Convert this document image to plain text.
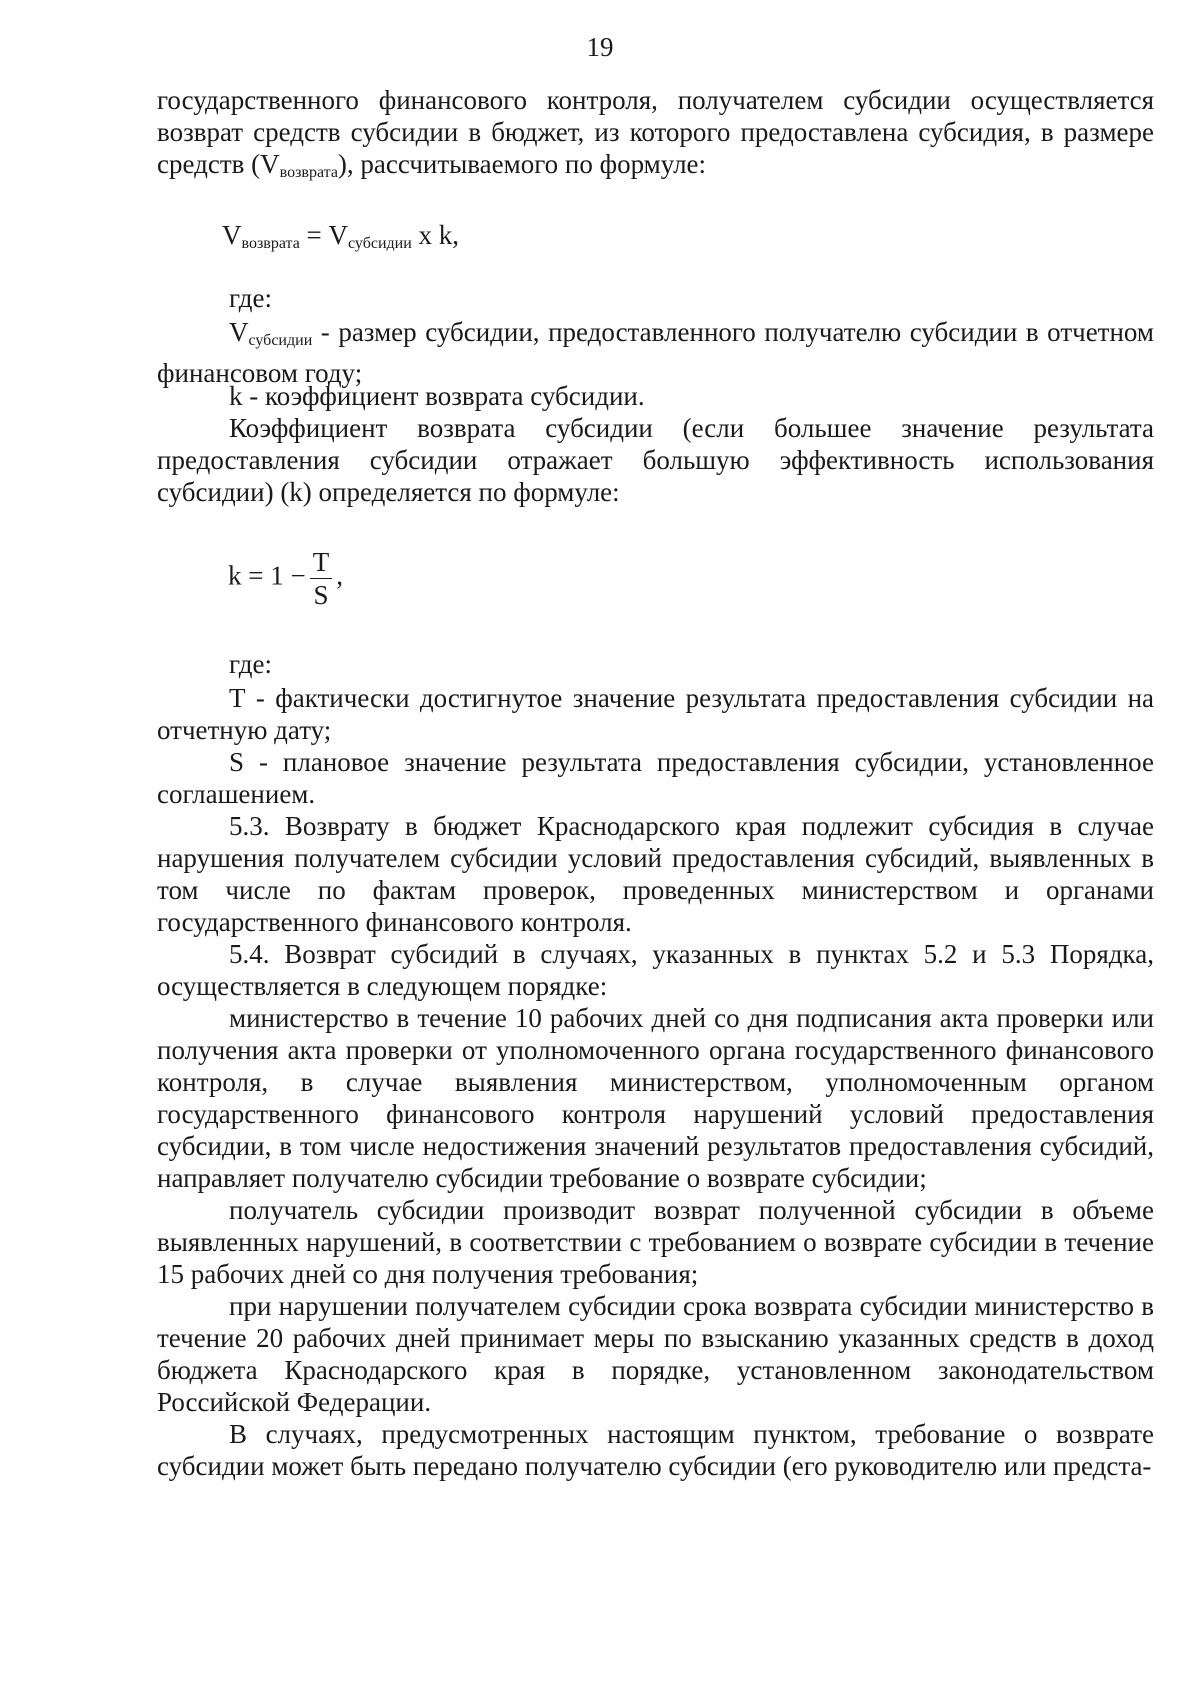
19
государственного финансового контроля, получателем субсидии осуществляется возврат средств субсидии в бюджет, из которого предоставлена субсидия, в размере средств $(V_{возврата})$, рассчитываемого по формуле:
$V_{возврата} = V_{субсидии}$ x k,
где:
$V_{субсидии}$ - размер субсидии, предоставленного получателю субсидии в отчетном финансовом году;
k - коэффициент возврата субсидии.
Коэффициент возврата субсидии (если большее значение результата предоставления субсидии отражает большую эффективность использования субсидии) (k) определяется по формуле:
$k = 1 - \frac{T}{S}$ ,
где:
Т - фактически достигнутое значение результата предоставления субсидии на отчетную дату;
S - плановое значение результата предоставления субсидии, установленное соглашением.
5.3. Возврату в бюджет Краснодарского края подлежит субсидия в случае нарушения получателем субсидии условий предоставления субсидий, выявленных в том числе по фактам проверок, проведенных министерством и органами государственного финансового контроля.
5.4. Возврат субсидий в случаях, указанных в пунктах 5.2 и 5.3 Порядка, осуществляется в следующем порядке:
министерство в течение 10 рабочих дней со дня подписания акта проверки или получения акта проверки от уполномоченного органа государственного финансового контроля, в случае выявления министерством, уполномоченным органом государственного финансового контроля нарушений условий предоставления субсидии, в том числе недостижения значений результатов предоставления субсидий, направляет получателю субсидии требование о возврате субсидии;
получатель субсидии производит возврат полученной субсидии в объеме выявленных нарушений, в соответствии с требованием о возврате субсидии в течение 15 рабочих дней со дня получения требования;
при нарушении получателем субсидии срока возврата субсидии министерство в течение 20 рабочих дней принимает меры по взысканию указанных средств в доход бюджета Краснодарского края в порядке, установленном законодательством Российской Федерации.
В случаях, предусмотренных настоящим пунктом, требование о возврате субсидии может быть передано получателю субсидии (его руководителю или предста-
